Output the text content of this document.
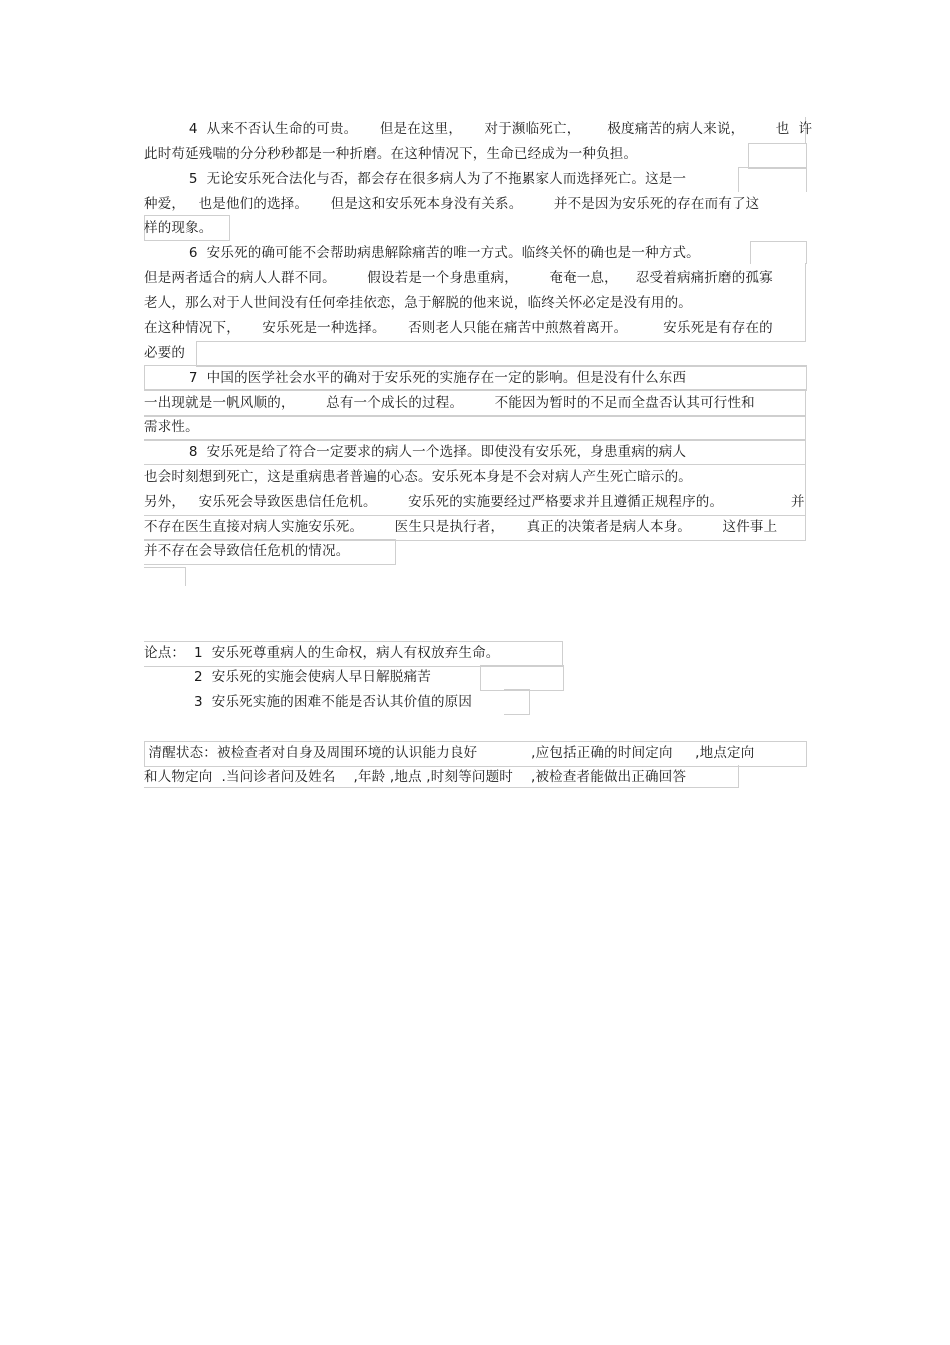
4  从来不否认生命的可贵。     但是在这里，     对于濒临死亡，      极度痛苦的病人来说，       也  许
此时苟延残喘的分分秒秒都是一种折磨。在这种情况下，生命已经成为一种负担。
5  无论安乐死合法化与否，都会存在很多病人为了不拖累家人而选择死亡。这是一
种爱，   也是他们的选择。     但是这和安乐死本身没有关系。       并不是因为安乐死的存在而有了这
样的现象。
6  安乐死的确可能不会帮助病患解除痛苦的唯一方式。临终关怀的确也是一种方式。
但是两者适合的病人人群不同。       假设若是一个身患重病，       奄奄一息，    忍受着病痛折磨的孤寡
老人，那么对于人世间没有任何牵挂依恋，急于解脱的他来说，临终关怀必定是没有用的。
在这种情况下，     安乐死是一种选择。     否则老人只能在痛苦中煎熬着离开。        安乐死是有存在的
必要的
7  中国的医学社会水平的确对于安乐死的实施存在一定的影响。但是没有什么东西
一出现就是一帆风顺的，       总有一个成长的过程。       不能因为暂时的不足而全盘否认其可行性和
需求性。
8  安乐死是给了符合一定要求的病人一个选择。即使没有安乐死，身患重病的病人
也会时刻想到死亡，这是重病患者普遍的心态。安乐死本身是不会对病人产生死亡暗示的。
另外，   安乐死会导致医患信任危机。       安乐死的实施要经过严格要求并且遵循正规程序的。	并
不存在医生直接对病人实施安乐死。       医生只是执行者，     真正的决策者是病人本身。       这件事上
并不存在会导致信任危机的情况。
论点： 1  安乐死尊重病人的生命权，病人有权放弃生命。
2  安乐死的实施会使病人早日解脱痛苦
3  安乐死实施的困难不能是否认其价值的原因
清醒状态：被检查者对自身及周围环境的认识能力良好            ,应包括正确的时间定向     ,地点定向
和人物定向  .当问诊者问及姓名    ,年龄 ,地点 ,时刻等问题时    ,被检查者能做出正确回答
